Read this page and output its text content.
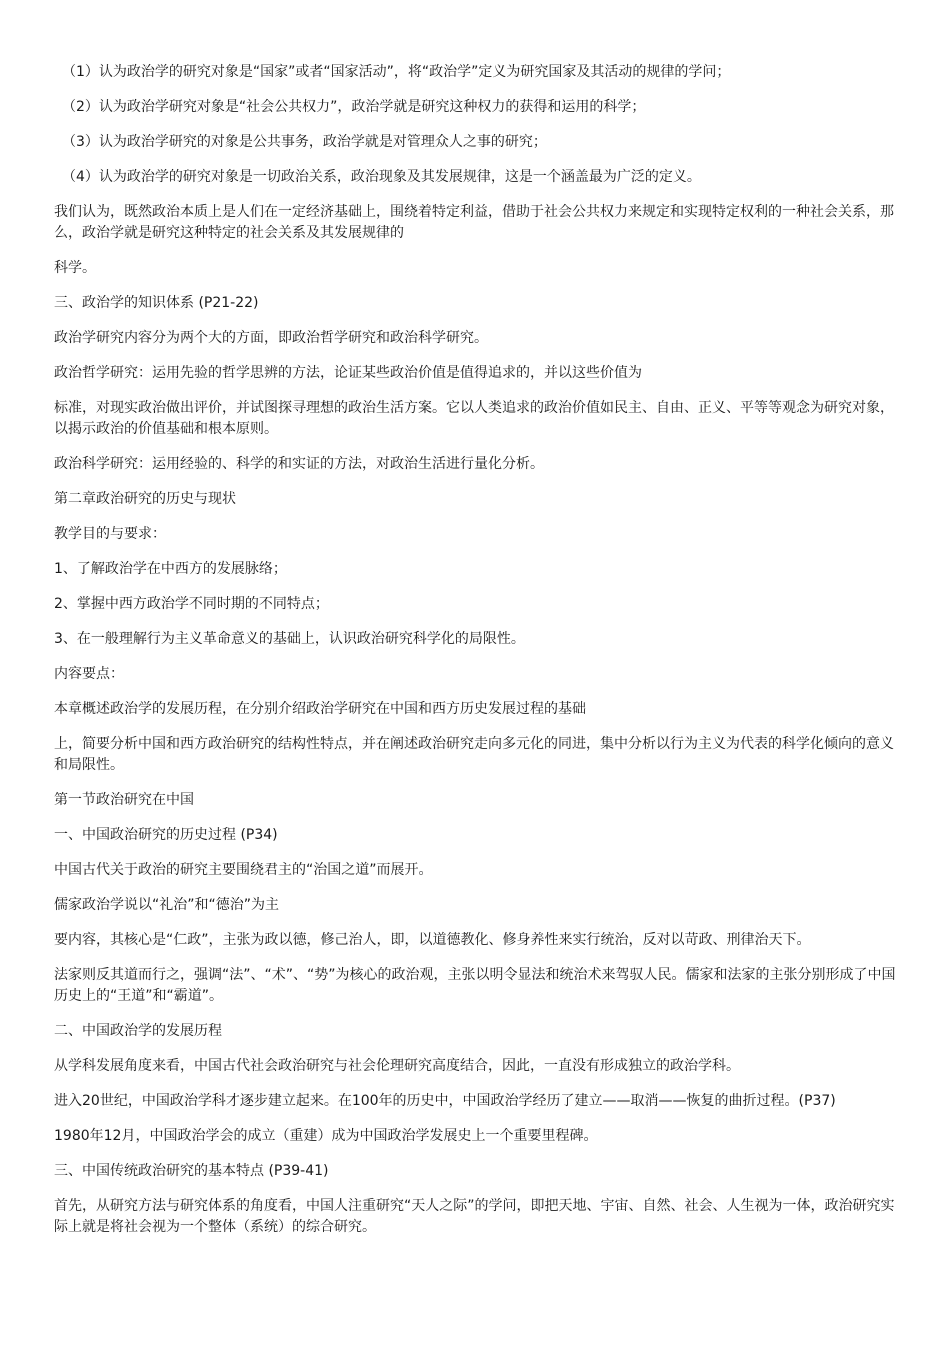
（1）认为政治学的研究对象是“国家”或者“国家活动”，将“政治学”定义为研究国家及其活动的规律的学问；

（2）认为政治学研究对象是“社会公共权力”，政治学就是研究这种权力的获得和运用的科学；

（3）认为政治学研究的对象是公共事务，政治学就是对管理众人之事的研究；

（4）认为政治学的研究对象是一切政治关系，政治现象及其发展规律，这是一个涵盖最为广泛的定义。

我们认为，既然政治本质上是人们在一定经济基础上，围绕着特定利益，借助于社会公共权力来规定和实现特定权利的一种社会关系，那么，政治学就是研究这种特定的社会关系及其发展规律的

科学。

三、政治学的知识体系 (P21-22)

政治学研究内容分为两个大的方面，即政治哲学研究和政治科学研究。

政治哲学研究：运用先验的哲学思辨的方法，论证某些政治价值是值得追求的，并以这些价值为

标准，对现实政治做出评价，并试图探寻理想的政治生活方案。它以人类追求的政治价值如民主、自由、正义、平等等观念为研究对象，以揭示政治的价值基础和根本原则。

政治科学研究：运用经验的、科学的和实证的方法，对政治生活进行量化分析。

第二章政治研究的历史与现状

教学目的与要求：

1、了解政治学在中西方的发展脉络；

2、掌握中西方政治学不同时期的不同特点；

3、在一般理解行为主义革命意义的基础上，认识政治研究科学化的局限性。

内容要点：

本章概述政治学的发展历程，在分别介绍政治学研究在中国和西方历史发展过程的基础

上，简要分析中国和西方政治研究的结构性特点，并在阐述政治研究走向多元化的同进，集中分析以行为主义为代表的科学化倾向的意义和局限性。

第一节政治研究在中国

一、中国政治研究的历史过程 (P34)

中国古代关于政治的研究主要围绕君主的“治国之道”而展开。

儒家政治学说以“礼治”和“德治”为主

要内容，其核心是“仁政”，主张为政以德，修己治人，即，以道德教化、修身养性来实行统治，反对以苛政、刑律治天下。

法家则反其道而行之，强调“法”、“术”、“势”为核心的政治观，主张以明令显法和统治术来驾驭人民。儒家和法家的主张分别形成了中国历史上的“王道”和“霸道”。

二、中国政治学的发展历程

从学科发展角度来看，中国古代社会政治研究与社会伦理研究高度结合，因此，一直没有形成独立的政治学科。

进入20世纪，中国政治学科才逐步建立起来。在100年的历史中，中国政治学经历了建立——取消——恢复的曲折过程。(P37)

1980年12月，中国政治学会的成立（重建）成为中国政治学发展史上一个重要里程碑。

三、中国传统政治研究的基本特点 (P39-41)

首先，从研究方法与研究体系的角度看，中国人注重研究“天人之际”的学问，即把天地、宇宙、自然、社会、人生视为一体，政治研究实际上就是将社会视为一个整体（系统）的综合研究。
